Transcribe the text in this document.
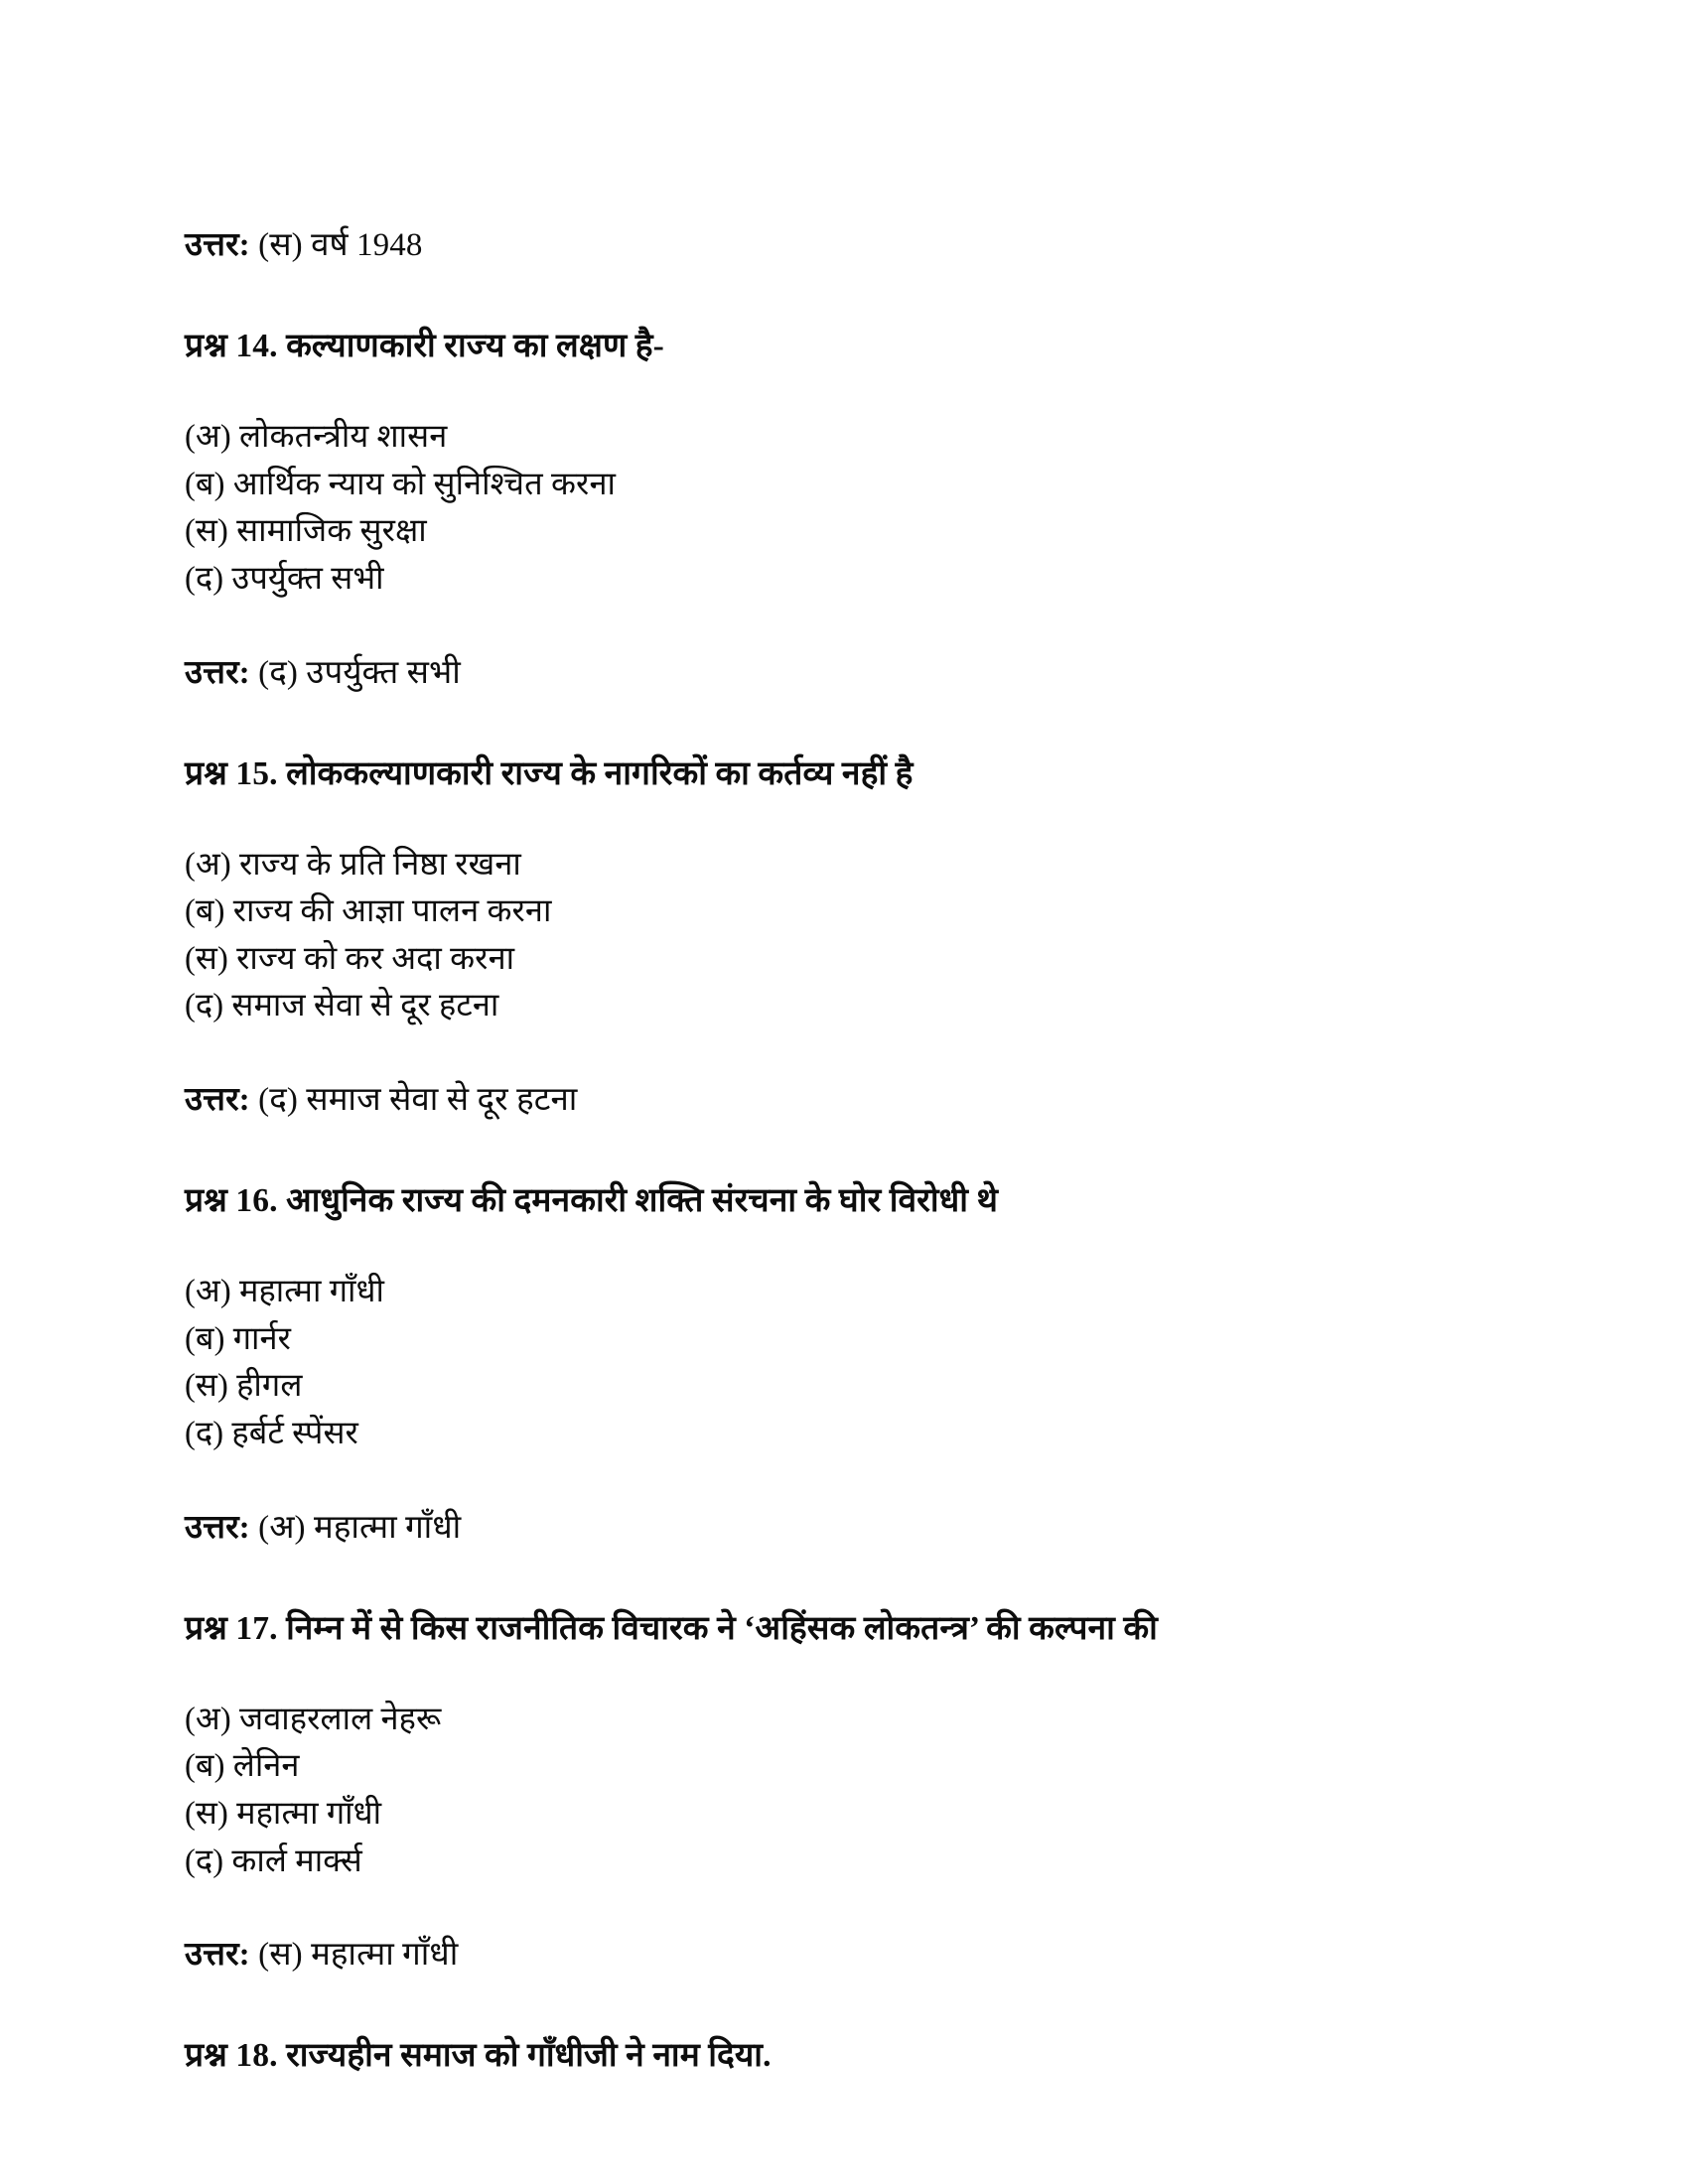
उत्तर: (स) वर्ष 1948

प्रश्न 14. कल्याणकारी राज्य का लक्षण है-

(अ) लोकतन्त्रीय शासन
(ब) आर्थिक न्याय को सुनिश्चित करना
(स) सामाजिक सुरक्षा
(द) उपर्युक्त सभी

उत्तर: (द) उपर्युक्त सभी

प्रश्न 15. लोककल्याणकारी राज्य के नागरिकों का कर्तव्य नहीं है

(अ) राज्य के प्रति निष्ठा रखना
(ब) राज्य की आज्ञा पालन करना
(स) राज्य को कर अदा करना
(द) समाज सेवा से दूर हटना

उत्तर: (द) समाज सेवा से दूर हटना

प्रश्न 16. आधुनिक राज्य की दमनकारी शक्ति संरचना के घोर विरोधी थे

(अ) महात्मा गाँधी
(ब) गार्नर
(स) हीगल
(द) हर्बर्ट स्पेंसर

उत्तर: (अ) महात्मा गाँधी

प्रश्न 17. निम्न में से किस राजनीतिक विचारक ने ‘अहिंसक लोकतन्त्र’ की कल्पना की

(अ) जवाहरलाल नेहरू
(ब) लेनिन
(स) महात्मा गाँधी
(द) कार्ल मार्क्स

उत्तर: (स) महात्मा गाँधी

प्रश्न 18. राज्यहीन समाज को गाँधीजी ने नाम दिया.
